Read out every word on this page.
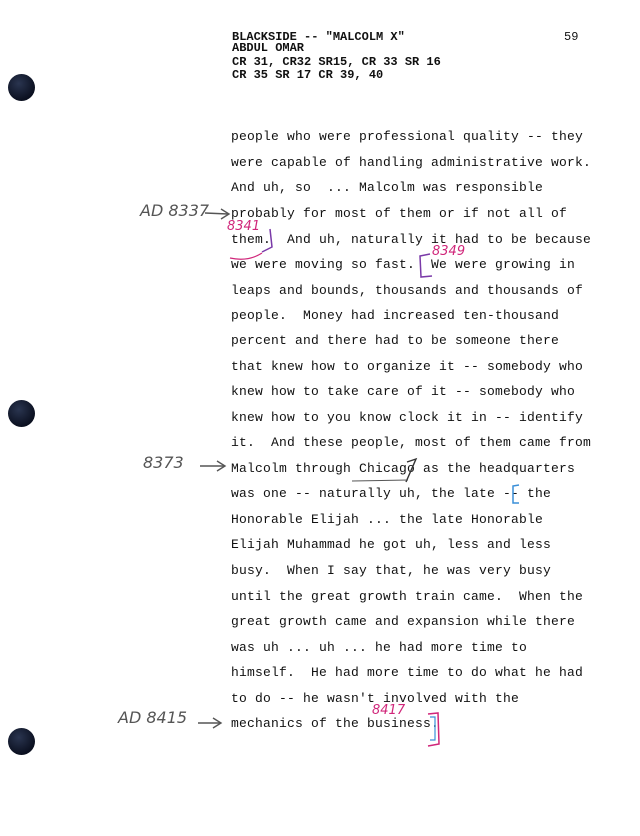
BLACKSIDE -- "MALCOLM X"
ABDUL OMAR
CR 31, CR32 SR15, CR 33 SR 16
CR 35 SR 17 CR 39, 40
59
people who were professional quality -- they
were capable of handling administrative work.
And uh, so  ... Malcolm was responsible
probably for most of them or if not all of
them.  And uh, naturally it had to be because
we were moving so fast.  We were growing in
leaps and bounds, thousands and thousands of
people.  Money had increased ten-thousand
percent and there had to be someone there
that knew how to organize it -- somebody who
knew how to take care of it -- somebody who
knew how to you know clock it in -- identify
it.  And these people, most of them came from
Malcolm through Chicago as the headquarters
was one -- naturally uh, the late -- the
Honorable Elijah ... the late Honorable
Elijah Muhammad he got uh, less and less
busy.  When I say that, he was very busy
until the great growth train came.  When the
great growth came and expansion while there
was uh ... uh ... he had more time to
himself.  He had more time to do what he had
to do -- he wasn't involved with the
mechanics of the business.
AD 8337
8341
8349
8373
AD 8415	8417
